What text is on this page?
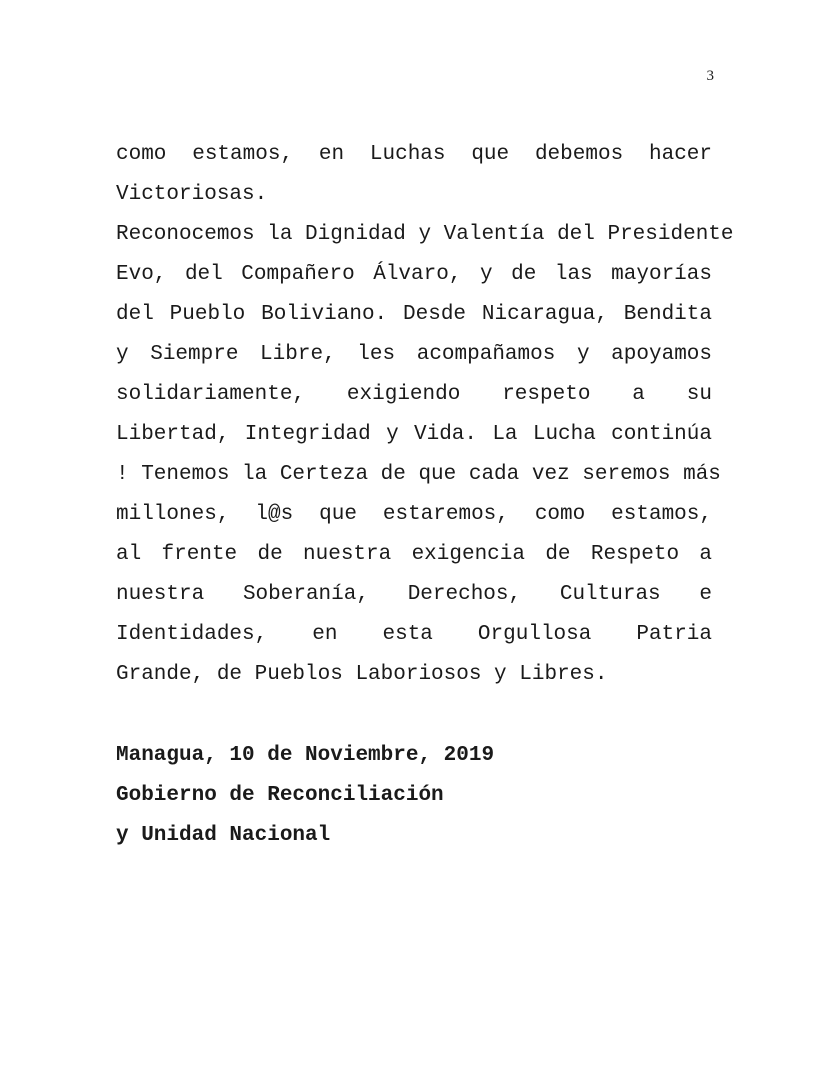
3
como estamos, en Luchas que debemos hacer
Victoriosas.
Reconocemos la Dignidad y Valentía del Presidente
Evo, del Compañero Álvaro, y de las mayorías
del Pueblo Boliviano. Desde Nicaragua, Bendita
y Siempre Libre, les acompañamos y apoyamos
solidariamente, exigiendo respeto a su
Libertad, Integridad y Vida. La Lucha continúa
! Tenemos la Certeza de que cada vez seremos más
millones, l@s que estaremos, como estamos,
al frente de nuestra exigencia de Respeto a
nuestra Soberanía, Derechos, Culturas e
Identidades, en esta Orgullosa Patria
Grande, de Pueblos Laboriosos y Libres.
Managua, 10 de Noviembre, 2019
Gobierno de Reconciliación
y Unidad Nacional
